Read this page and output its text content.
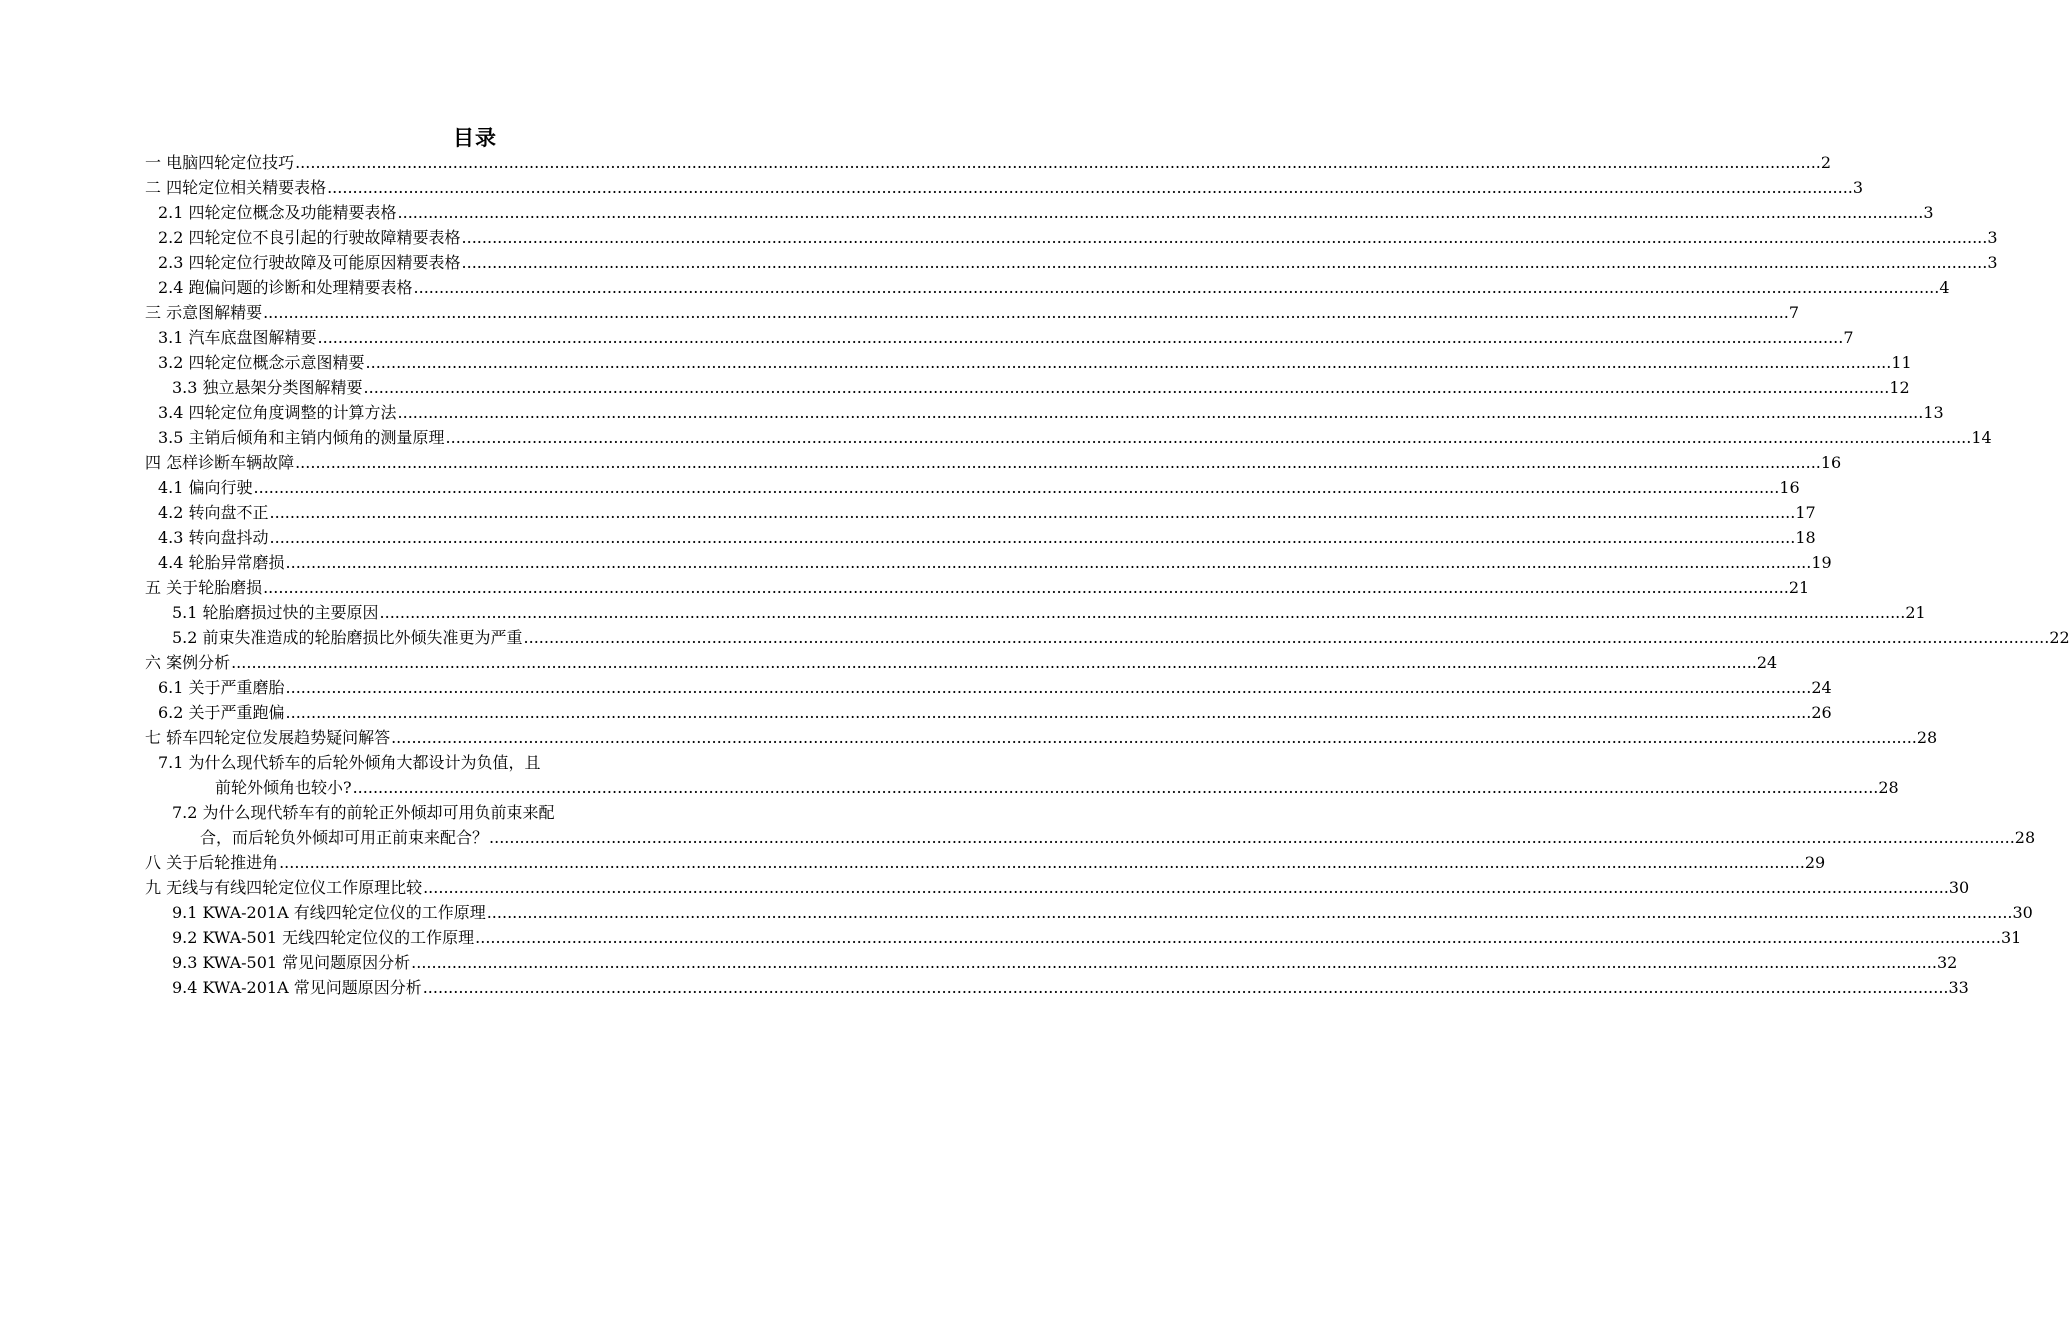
目录
一 电脑四轮定位技巧 ............................................................................................................................................................................................................................................................................................................ 2
二 四轮定位相关精要表格 ............................................................................................................................................................................................................................................................................................................ 3
2.1 四轮定位概念及功能精要表格 ............................................................................................................................................................................................................................................................................................................ 3
2.2 四轮定位不良引起的行驶故障精要表格 ............................................................................................................................................................................................................................................................................................................ 3
2.3 四轮定位行驶故障及可能原因精要表格 ............................................................................................................................................................................................................................................................................................................ 3
2.4 跑偏问题的诊断和处理精要表格 ............................................................................................................................................................................................................................................................................................................ 4
三 示意图解精要 ............................................................................................................................................................................................................................................................................................................ 7
3.1 汽车底盘图解精要 ............................................................................................................................................................................................................................................................................................................ 7
3.2 四轮定位概念示意图精要 ............................................................................................................................................................................................................................................................................................................ 11
3.3 独立悬架分类图解精要 ............................................................................................................................................................................................................................................................................................................ 12
3.4 四轮定位角度调整的计算方法 ............................................................................................................................................................................................................................................................................................................ 13
3.5 主销后倾角和主销内倾角的测量原理 ............................................................................................................................................................................................................................................................................................................ 14
四 怎样诊断车辆故障 ............................................................................................................................................................................................................................................................................................................ 16
4.1 偏向行驶 ............................................................................................................................................................................................................................................................................................................ 16
4.2 转向盘不正 ............................................................................................................................................................................................................................................................................................................ 17
4.3 转向盘抖动 ............................................................................................................................................................................................................................................................................................................ 18
4.4 轮胎异常磨损 ............................................................................................................................................................................................................................................................................................................ 19
五 关于轮胎磨损 ............................................................................................................................................................................................................................................................................................................ 21
5.1 轮胎磨损过快的主要原因 ............................................................................................................................................................................................................................................................................................................ 21
5.2 前束失准造成的轮胎磨损比外倾失准更为严重 ............................................................................................................................................................................................................................................................................................................ 22
六 案例分析 ............................................................................................................................................................................................................................................................................................................ 24
6.1 关于严重磨胎 ............................................................................................................................................................................................................................................................................................................ 24
6.2 关于严重跑偏 ............................................................................................................................................................................................................................................................................................................ 26
七 轿车四轮定位发展趋势疑问解答 ............................................................................................................................................................................................................................................................................................................ 28
7.1 为什么现代轿车的后轮外倾角大都设计为负值，且
前轮外倾角也较小? ............................................................................................................................................................................................................................................................................................................ 28
7.2 为什么现代轿车有的前轮正外倾却可用负前束来配
合，而后轮负外倾却可用正前束来配合？ ............................................................................................................................................................................................................................................................................................................ 28
八 关于后轮推进角 ............................................................................................................................................................................................................................................................................................................ 29
九 无线与有线四轮定位仪工作原理比较 ............................................................................................................................................................................................................................................................................................................ 30
9.1 KWA-201A 有线四轮定位仪的工作原理 ............................................................................................................................................................................................................................................................................................................ 30
9.2 KWA-501 无线四轮定位仪的工作原理 ............................................................................................................................................................................................................................................................................................................ 31
9.3 KWA-501 常见问题原因分析 ............................................................................................................................................................................................................................................................................................................ 32
9.4 KWA-201A 常见问题原因分析 ............................................................................................................................................................................................................................................................................................................ 33
